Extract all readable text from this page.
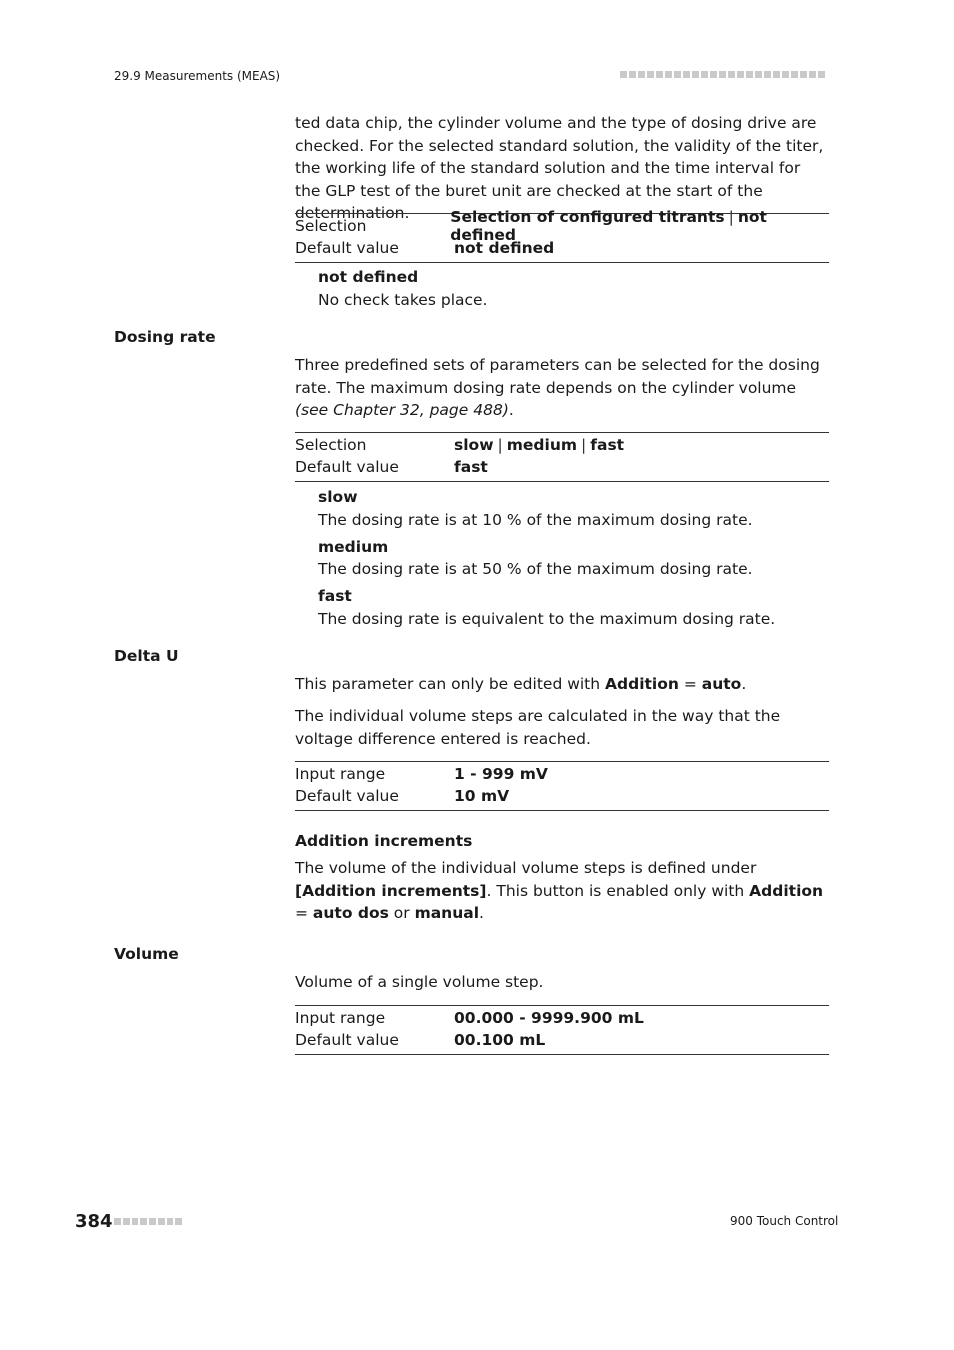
29.9 Measurements (MEAS)
ted data chip, the cylinder volume and the type of dosing drive are checked. For the selected standard solution, the validity of the titer, the working life of the standard solution and the time interval for the GLP test of the buret unit are checked at the start of the determination.
Selection	Selection of configured titrants | not defined
Default value	not defined
not defined
No check takes place.
Dosing rate
Three predefined sets of parameters can be selected for the dosing rate. The maximum dosing rate depends on the cylinder volume (see Chapter 32, page 488).
Selection	slow | medium | fast
Default value	fast
slow
The dosing rate is at 10 % of the maximum dosing rate.
medium
The dosing rate is at 50 % of the maximum dosing rate.
fast
The dosing rate is equivalent to the maximum dosing rate.
Delta U
This parameter can only be edited with Addition = auto.
The individual volume steps are calculated in the way that the voltage difference entered is reached.
Input range	1 - 999 mV
Default value	10 mV
Addition increments
The volume of the individual volume steps is defined under [Addition increments]. This button is enabled only with Addition = auto dos or manual.
Volume
Volume of a single volume step.
Input range	00.000 - 9999.900 mL
Default value	00.100 mL
384	900 Touch Control
